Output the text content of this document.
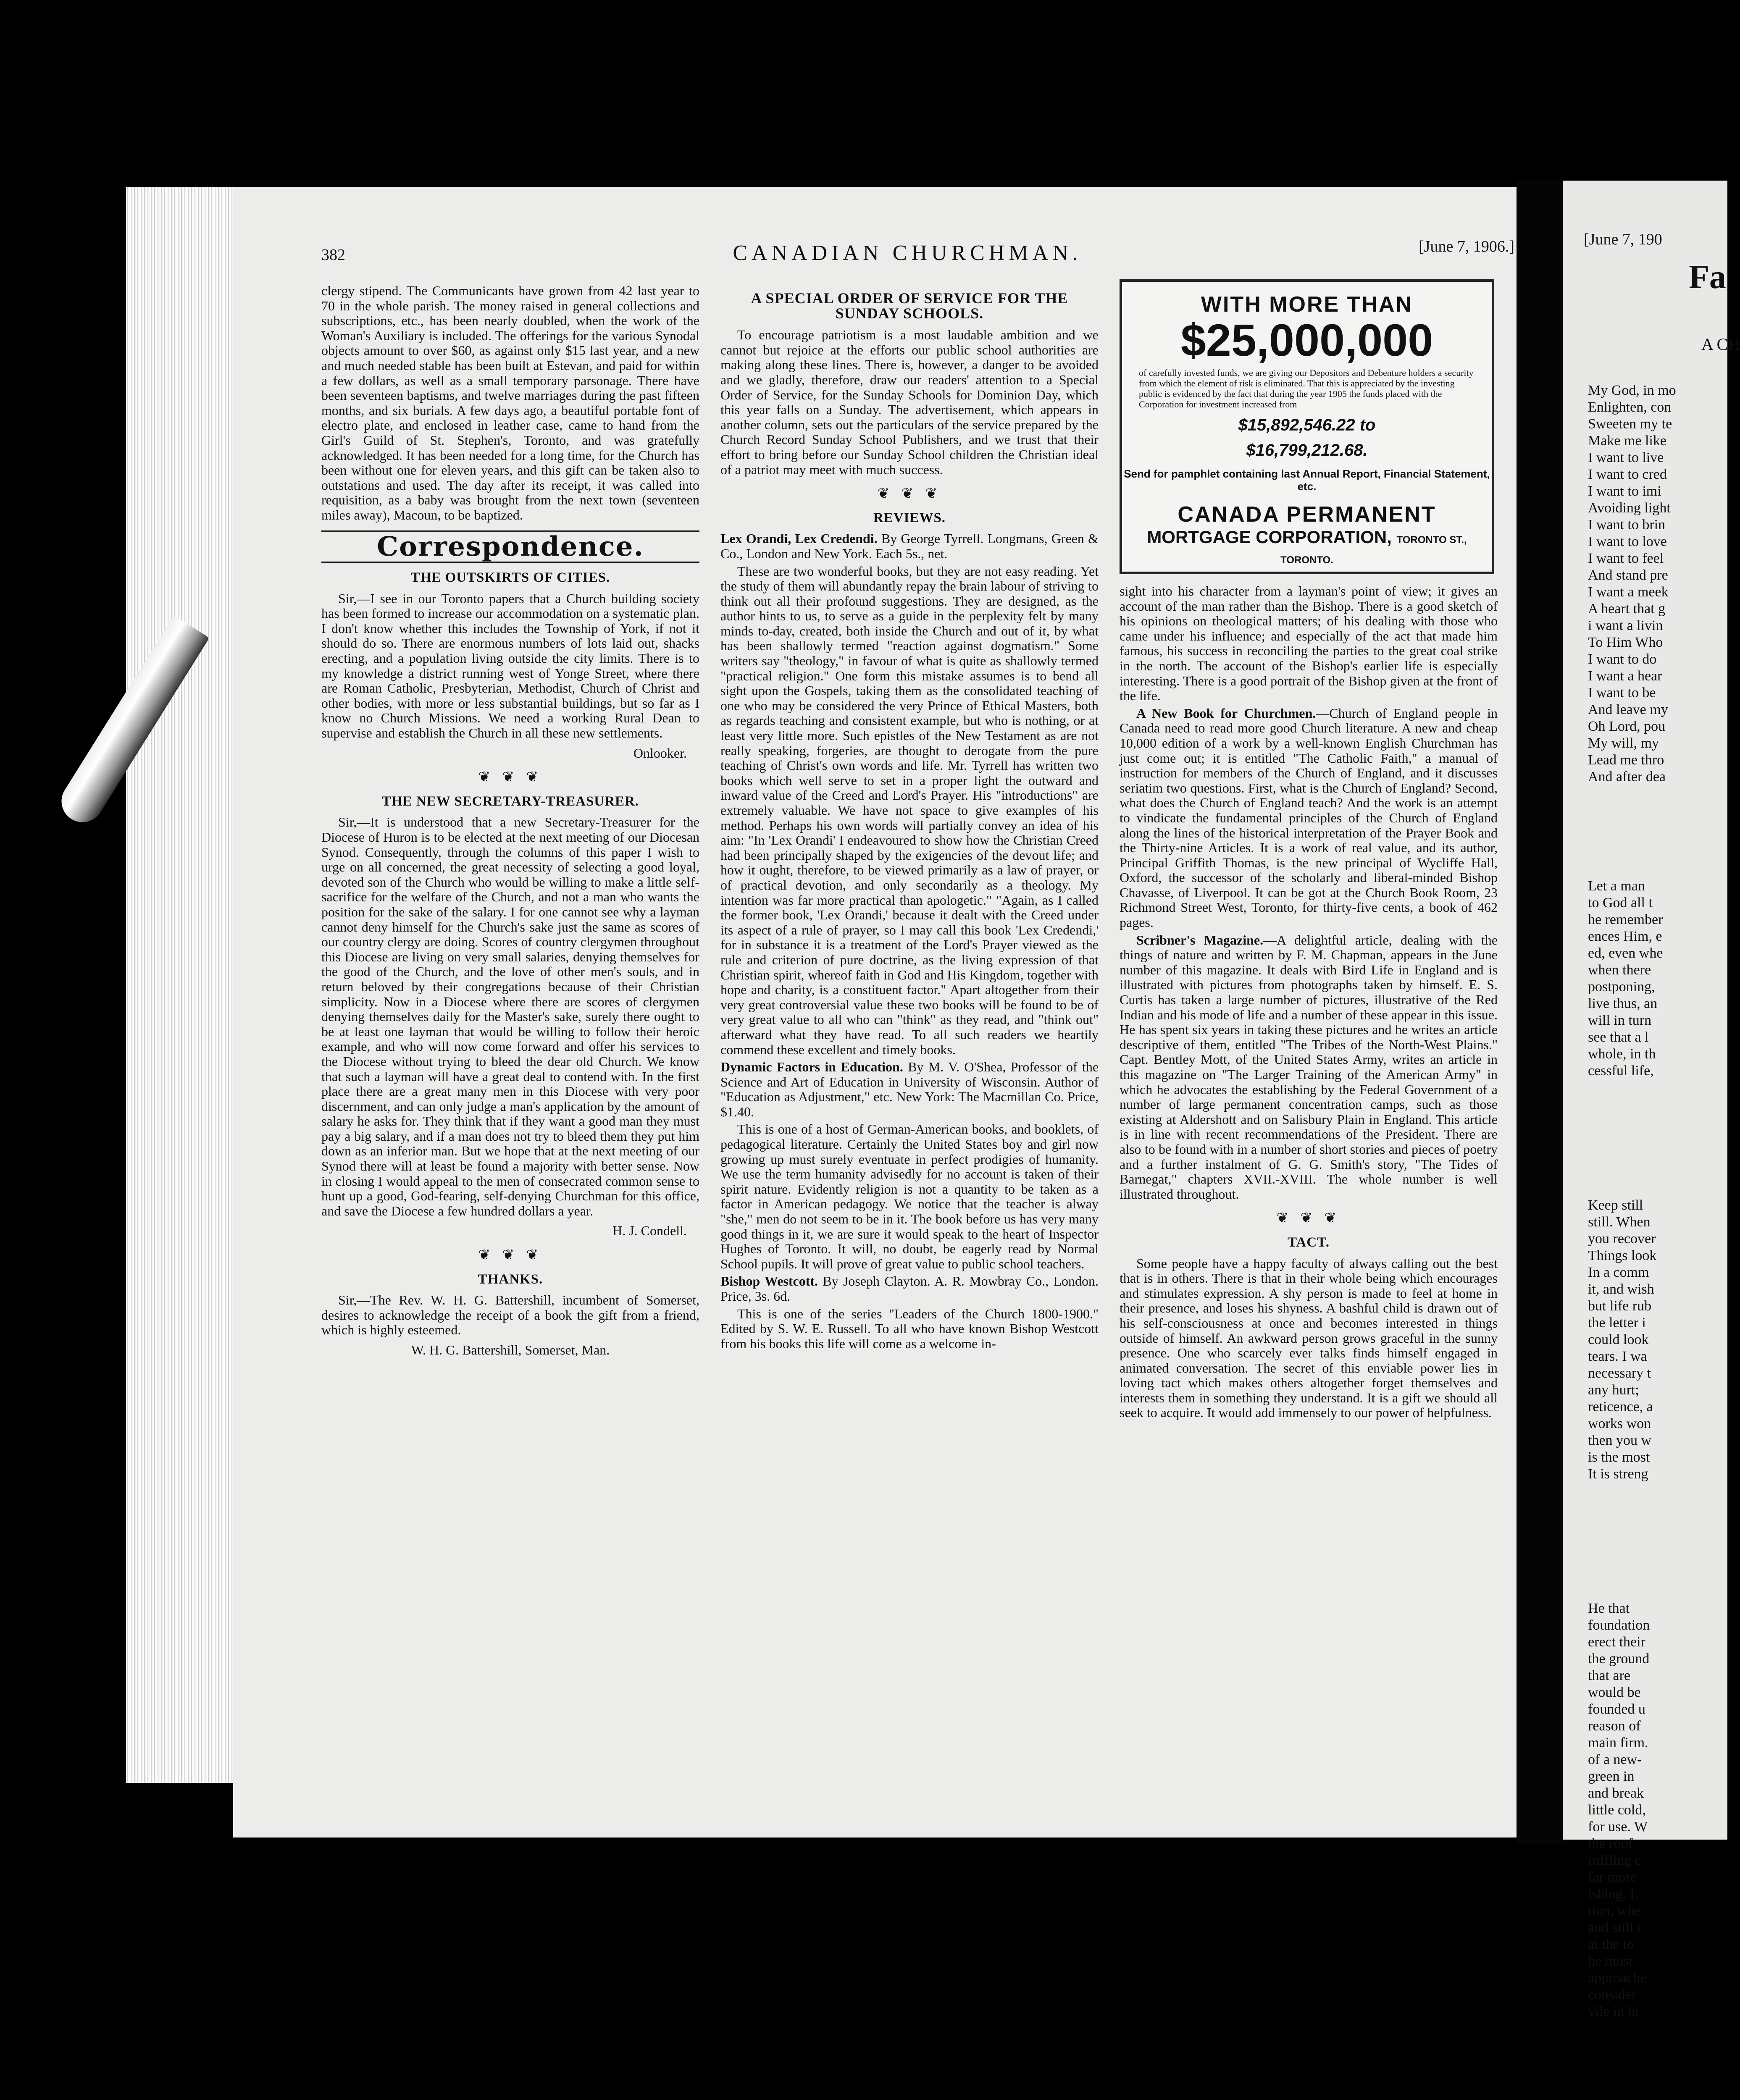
382	CANADIAN CHURCHMAN.	[June 7, 1906.]

clergy stipend. The Communicants have grown from 42 last year to 70 in the whole parish. The money raised in general collections and subscriptions, etc., has been nearly doubled, when the work of the Woman's Auxiliary is included. The offerings for the various Synodal objects amount to over $60, as against only $15 last year, and a new and much needed stable has been built at Estevan, and paid for within a few dollars, as well as a small temporary parsonage. There have been seventeen baptisms, and twelve marriages during the past fifteen months, and six burials. A few days ago, a beautiful portable font of electro plate, and enclosed in leather case, came to hand from the Girl's Guild of St. Stephen's, Toronto, and was gratefully acknowledged. It has been needed for a long time, for the Church has been without one for eleven years, and this gift can be taken also to outstations and used. The day after its receipt, it was called into requisition, as a baby was brought from the next town (seventeen miles away), Macoun, to be baptized.

Correspondence.
THE OUTSKIRTS OF CITIES.

Sir,—I see in our Toronto papers that a Church building society has been formed to increase our accommodation on a systematic plan. I don't know whether this includes the Township of York, if not it should do so. There are enormous numbers of lots laid out, shacks erecting, and a population living outside the city limits. There is to my knowledge a district running west of Yonge Street, where there are Roman Catholic, Presbyterian, Methodist, Church of Christ and other bodies, with more or less substantial buildings, but so far as I know no Church Missions. We need a working Rural Dean to supervise and establish the Church in all these new settlements.

Onlooker.
❦ ❦ ❦
THE NEW SECRETARY-TREASURER.

Sir,—It is understood that a new Secretary-Treasurer for the Diocese of Huron is to be elected at the next meeting of our Diocesan Synod. Consequently, through the columns of this paper I wish to urge on all concerned, the great necessity of selecting a good loyal, devoted son of the Church who would be willing to make a little self-sacrifice for the welfare of the Church, and not a man who wants the position for the sake of the salary. I for one cannot see why a layman cannot deny himself for the Church's sake just the same as scores of our country clergy are doing. Scores of country clergymen throughout this Diocese are living on very small salaries, denying themselves for the good of the Church, and the love of other men's souls, and in return beloved by their congregations because of their Christian simplicity. Now in a Diocese where there are scores of clergymen denying themselves daily for the Master's sake, surely there ought to be at least one layman that would be willing to follow their heroic example, and who will now come forward and offer his services to the Diocese without trying to bleed the dear old Church. We know that such a layman will have a great deal to contend with. In the first place there are a great many men in this Diocese with very poor discernment, and can only judge a man's application by the amount of salary he asks for. They think that if they want a good man they must pay a big salary, and if a man does not try to bleed them they put him down as an inferior man. But we hope that at the next meeting of our Synod there will at least be found a majority with better sense. Now in closing I would appeal to the men of consecrated common sense to hunt up a good, God-fearing, self-denying Churchman for this office, and save the Diocese a few hundred dollars a year.

H. J. Condell.
❦ ❦ ❦
THANKS.

Sir,—The Rev. W. H. G. Battershill, incumbent of Somerset, desires to acknowledge the receipt of a book the gift from a friend, which is highly esteemed.

W. H. G. Battershill, Somerset, Man.
A SPECIAL ORDER OF SERVICE FOR THE SUNDAY SCHOOLS.

To encourage patriotism is a most laudable ambition and we cannot but rejoice at the efforts our public school authorities are making along these lines. There is, however, a danger to be avoided and we gladly, therefore, draw our readers' attention to a Special Order of Service, for the Sunday Schools for Dominion Day, which this year falls on a Sunday. The advertisement, which appears in another column, sets out the particulars of the service prepared by the Church Record Sunday School Publishers, and we trust that their effort to bring before our Sunday School children the Christian ideal of a patriot may meet with much success.

❦ ❦ ❦
REVIEWS.

Lex Orandi, Lex Credendi. By George Tyrrell. Longmans, Green & Co., London and New York. Each 5s., net.

These are two wonderful books, but they are not easy reading. Yet the study of them will abundantly repay the brain labour of striving to think out all their profound suggestions. They are designed, as the author hints to us, to serve as a guide in the perplexity felt by many minds to-day, created, both inside the Church and out of it, by what has been shallowly termed "reaction against dogmatism." Some writers say "theology," in favour of what is quite as shallowly termed "practical religion." One form this mistake assumes is to bend all sight upon the Gospels, taking them as the consolidated teaching of one who may be considered the very Prince of Ethical Masters, both as regards teaching and consistent example, but who is nothing, or at least very little more. Such epistles of the New Testament as are not really speaking, forgeries, are thought to derogate from the pure teaching of Christ's own words and life. Mr. Tyrrell has written two books which well serve to set in a proper light the outward and inward value of the Creed and Lord's Prayer. His "introductions" are extremely valuable. We have not space to give examples of his method. Perhaps his own words will partially convey an idea of his aim: "In 'Lex Orandi' I endeavoured to show how the Christian Creed had been principally shaped by the exigencies of the devout life; and how it ought, therefore, to be viewed primarily as a law of prayer, or of practical devotion, and only secondarily as a theology. My intention was far more practical than apologetic." "Again, as I called the former book, 'Lex Orandi,' because it dealt with the Creed under its aspect of a rule of prayer, so I may call this book 'Lex Credendi,' for in substance it is a treatment of the Lord's Prayer viewed as the rule and criterion of pure doctrine, as the living expression of that Christian spirit, whereof faith in God and His Kingdom, together with hope and charity, is a constituent factor." Apart altogether from their very great controversial value these two books will be found to be of very great value to all who can "think" as they read, and "think out" afterward what they have read. To all such readers we heartily commend these excellent and timely books.

Dynamic Factors in Education. By M. V. O'Shea, Professor of the Science and Art of Education in University of Wisconsin. Author of "Education as Adjustment," etc. New York: The Macmillan Co. Price, $1.40.

This is one of a host of German-American books, and booklets, of pedagogical literature. Certainly the United States boy and girl now growing up must surely eventuate in perfect prodigies of humanity. We use the term humanity advisedly for no account is taken of their spirit nature. Evidently religion is not a quantity to be taken as a factor in American pedagogy. We notice that the teacher is alway "she," men do not seem to be in it. The book before us has very many good things in it, we are sure it would speak to the heart of Inspector Hughes of Toronto. It will, no doubt, be eagerly read by Normal School pupils. It will prove of great value to public school teachers.

Bishop Westcott. By Joseph Clayton. A. R. Mowbray Co., London. Price, 3s. 6d.

This is one of the series "Leaders of the Church 1800-1900." Edited by S. W. E. Russell. To all who have known Bishop Westcott from his books this life will come as a welcome in-

WITH MORE THAN
$25,000,000
of carefully invested funds, we are giving our Depositors and Debenture holders a security from which the element of risk is eliminated. That this is appreciated by the investing public is evidenced by the fact that during the year 1905 the funds placed with the Corporation for investment increased from
$15,892,546.22 to
$16,799,212.68.
Send for pamphlet containing last Annual Report, Financial Statement, etc.
CANADA PERMANENT
MORTGAGE CORPORATION, TORONTO ST., TORONTO.

sight into his character from a layman's point of view; it gives an account of the man rather than the Bishop. There is a good sketch of his opinions on theological matters; of his dealing with those who came under his influence; and especially of the act that made him famous, his success in reconciling the parties to the great coal strike in the north. The account of the Bishop's earlier life is especially interesting. There is a good portrait of the Bishop given at the front of the life.

A New Book for Churchmen.—Church of England people in Canada need to read more good Church literature. A new and cheap 10,000 edition of a work by a well-known English Churchman has just come out; it is entitled "The Catholic Faith," a manual of instruction for members of the Church of England, and it discusses seriatim two questions. First, what is the Church of England? Second, what does the Church of England teach? And the work is an attempt to vindicate the fundamental principles of the Church of England along the lines of the historical interpretation of the Prayer Book and the Thirty-nine Articles. It is a work of real value, and its author, Principal Griffith Thomas, is the new principal of Wycliffe Hall, Oxford, the successor of the scholarly and liberal-minded Bishop Chavasse, of Liverpool. It can be got at the Church Book Room, 23 Richmond Street West, Toronto, for thirty-five cents, a book of 462 pages.

Scribner's Magazine.—A delightful article, dealing with the things of nature and written by F. M. Chapman, appears in the June number of this magazine. It deals with Bird Life in England and is illustrated with pictures from photographs taken by himself. E. S. Curtis has taken a large number of pictures, illustrative of the Red Indian and his mode of life and a number of these appear in this issue. He has spent six years in taking these pictures and he writes an article descriptive of them, entitled "The Tribes of the North-West Plains." Capt. Bentley Mott, of the United States Army, writes an article in this magazine on "The Larger Training of the American Army" in which he advocates the establishing by the Federal Government of a number of large permanent concentration camps, such as those existing at Aldershott and on Salisbury Plain in England. This article is in line with recent recommendations of the President. There are also to be found with in a number of short stories and pieces of poetry and a further instalment of G. G. Smith's story, "The Tides of Barnegat," chapters XVII.-XVIII. The whole number is well illustrated throughout.

❦ ❦ ❦
TACT.

Some people have a happy faculty of always calling out the best that is in others. There is that in their whole being which encourages and stimulates expression. A shy person is made to feel at home in their presence, and loses his shyness. A bashful child is drawn out of his self-consciousness at once and becomes interested in things outside of himself. An awkward person grows graceful in the sunny presence. One who scarcely ever talks finds himself engaged in animated conversation. The secret of this enviable power lies in loving tact which makes others altogether forget themselves and interests them in something they understand. It is a gift we should all seek to acquire. It would add immensely to our power of helpfulness.

[June 7, 190
Fa
A CH
My God, in mo
Enlighten, con
Sweeten my te
Make me like
I want to live
I want to cred
I want to imi
Avoiding light
I want to brin
I want to love
I want to feel
And stand pre
I want a meek
A heart that g
i want a livin
To Him Who
I want to do
I want a hear
I want to be
And leave my
Oh Lord, pou
My will, my
Lead me thro
And after dea
Let a man
to God all t
he remember
ences Him, e
ed, even whe
when there
postponing,
live thus, an
will in turn
see that a l
whole, in th
cessful life,
Keep still
still. When
you recover
Things look
In a comm
it, and wish
but life rub
the letter i
could look
tears. I wa
necessary t
any hurt;
reticence, a
works won
then you w
is the most
It is streng
He that
foundation
erect their
the ground
that are
would be
founded u
reason of
main firm.
of a new-
green in
and break
little cold,
for use. W
the roof,
ruffling c
far more
ishing. L
tion, whe
and still t
at the to
he must
approache
consider
vile in hi
